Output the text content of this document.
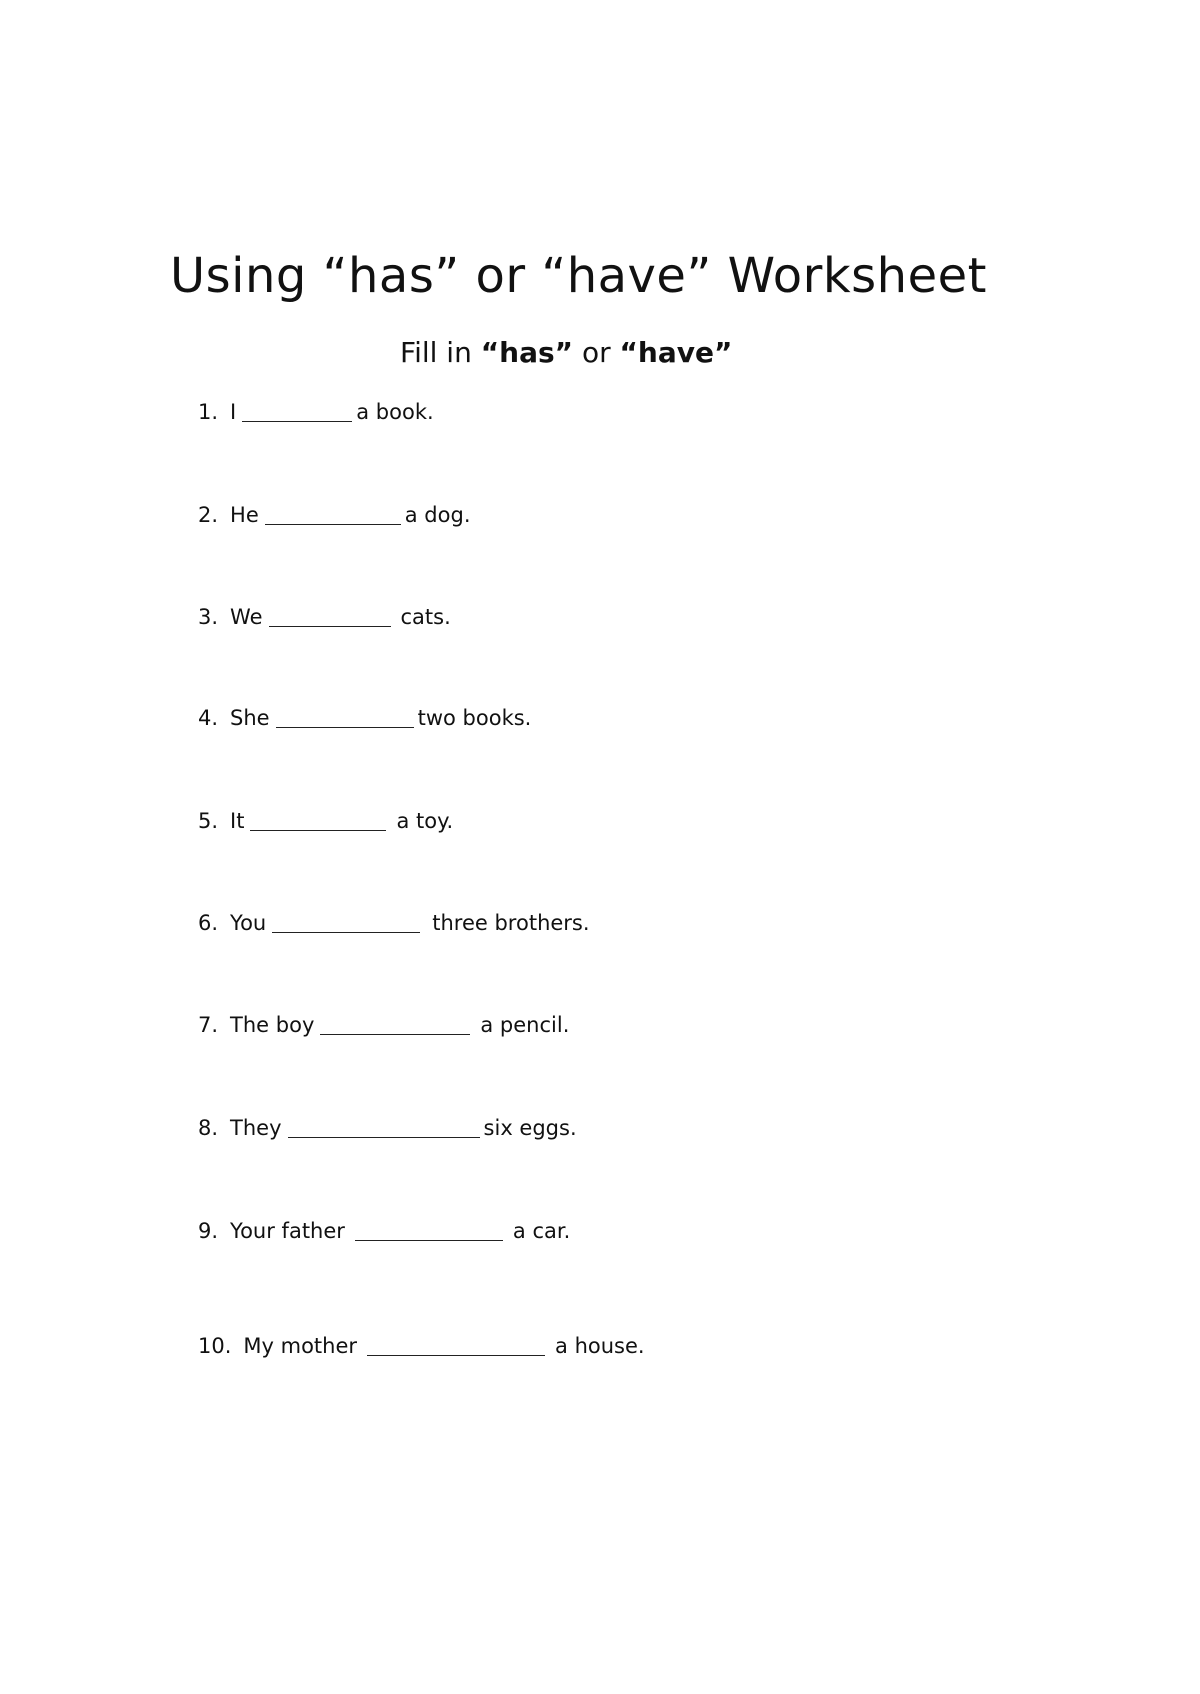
Using “has” or “have” Worksheet

Fill in “has” or “have”

1. I	a book.
2. He	a dog.
3. We	cats.
4. She	two books.
5. It	a toy.
6. You	three brothers.
7. The boy	a pencil.
8. They	six eggs.
9. Your father	a car.
10. My mother	a house.
